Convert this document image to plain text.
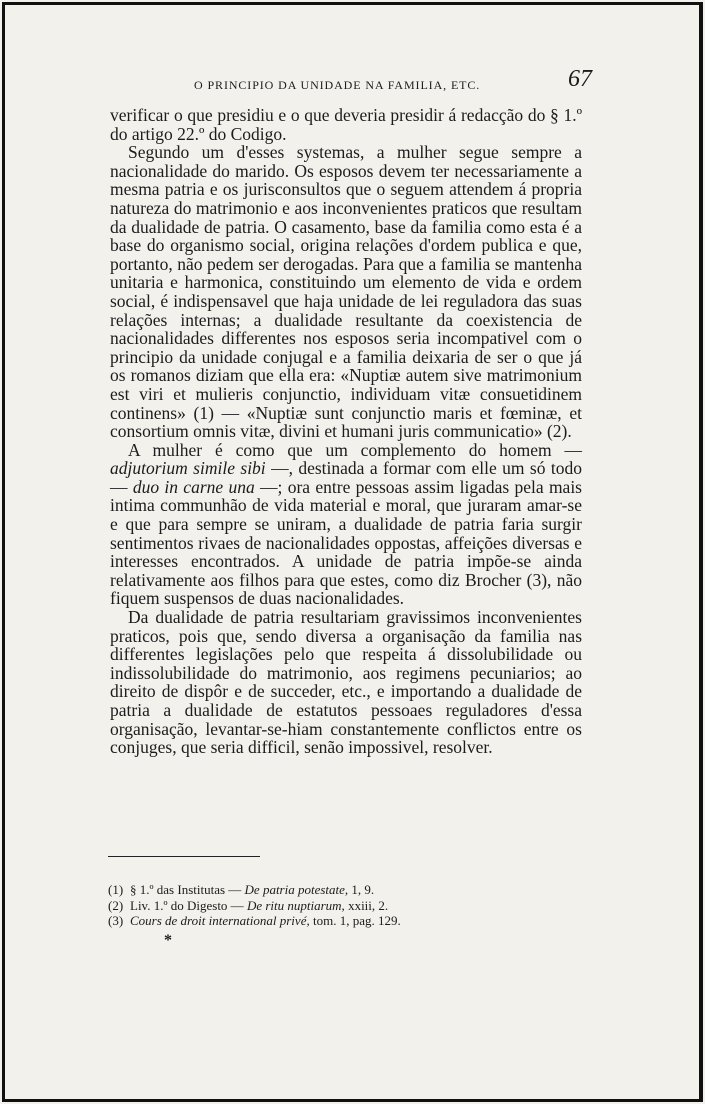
O PRINCIPIO DA UNIDADE NA FAMILIA, ETC.	67

verificar o que presidiu e o que deveria presidir á redacção do § 1.º do artigo 22.º do Codigo.

Segundo um d'esses systemas, a mulher segue sempre a nacionalidade do marido. Os esposos devem ter necessariamente a mesma patria e os jurisconsultos que o seguem attendem á propria natureza do matrimonio e aos inconvenientes praticos que resultam da dualidade de patria. O casamento, base da familia como esta é a base do organismo social, origina relações d'ordem publica e que, portanto, não pedem ser derogadas. Para que a familia se mantenha unitaria e harmonica, constituindo um elemento de vida e ordem social, é indispensavel que haja unidade de lei reguladora das suas relações internas; a dualidade resultante da coexistencia de nacionalidades differentes nos esposos seria incompativel com o principio da unidade conjugal e a familia deixaria de ser o que já os romanos diziam que ella era: «Nuptiæ autem sive matrimonium est viri et mulieris conjunctio, individuam vitæ consuetidinem continens» (1) — «Nuptiæ sunt conjunctio maris et fœminæ, et consortium omnis vitæ, divini et humani juris communicatio» (2).

A mulher é como que um complemento do homem — adjutorium simile sibi —, destinada a formar com elle um só todo — duo in carne una —; ora entre pessoas assim ligadas pela mais intima communhão de vida material e moral, que juraram amar-se e que para sempre se uniram, a dualidade de patria faria surgir sentimentos rivaes de nacionalidades oppostas, affeições diversas e interesses encontrados. A unidade de patria impõe-se ainda relativamente aos filhos para que estes, como diz Brocher (3), não fiquem suspensos de duas nacionalidades.

Da dualidade de patria resultariam gravissimos inconvenientes praticos, pois que, sendo diversa a organisação da familia nas differentes legislações pelo que respeita á dissolubilidade ou indissolubilidade do matrimonio, aos regimens pecuniarios; ao direito de dispôr e de succeder, etc., e importando a dualidade de patria a dualidade de estatutos pessoaes reguladores d'essa organisação, levantar-se-hiam constantemente conflictos entre os conjuges, que seria difficil, senão impossivel, resolver.

(1) § 1.º das Institutas — De patria potestate, 1, 9.
(2) Liv. 1.º do Digesto — De ritu nuptiarum, xxiii, 2.
(3) Cours de droit international privé, tom. 1, pag. 129.
*
